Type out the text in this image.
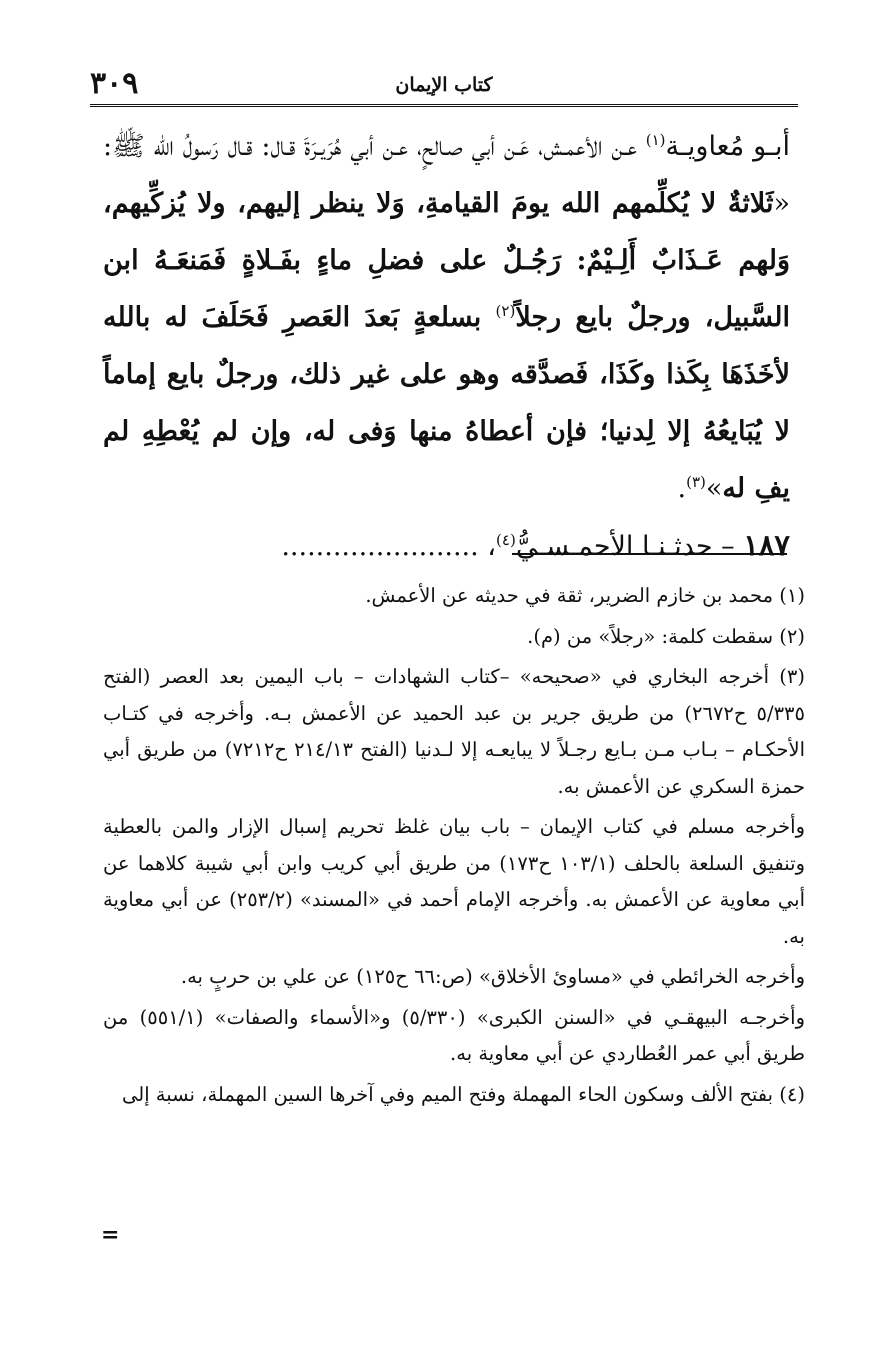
٣٠٩	كتاب الإيمان

أبـو مُعاويـة$^{(١)}$ عـن الأعمـش، عَـن أبي صـالحٍ، عـن أبي هُرَيـرَةَ قـال: قـال رَسولُ الله ﷺ: «ثَلاثةٌ لا يُكلِّمهم الله يومَ القيامةِ، وَلا ينظر إليهم، ولا يُزكِّيهم، وَلهم عَـذَابٌ أَلِـيْمٌ: رَجُـلٌ على فضلِ ماءٍ بفَـلاةٍ فَمَنعَـهُ ابن السَّبيل، ورجلٌ بايع رجلاً$^{(٢)}$ بسلعةٍ بَعدَ العَصرِ فَحَلَفَ له بالله لأخَذَهَا بِكَذا وكَذَا، فَصدَّقه وهو على غير ذلك، ورجلٌ بايع إماماً لا يُبَايعُهُ إلا لِدنيا؛ فإن أعطاهُ منها وَفى له، وإن لم يُعْطِهِ لم يفِ له»$^{(٣)}$.

١٨٧ – حدثـنـا الأحمـسـيُّ$^{(٤)}$، .......................

(١) محمد بن خازم الضرير، ثقة في حديثه عن الأعمش.

(٢) سقطت كلمة: «رجلاً» من (م).

(٣) أخرجه البخاري في «صحيحه» –كتاب الشهادات – باب اليمين بعد العصر (الفتح ٥/٣٣٥ ح٢٦٧٢) من طريق جرير بن عبد الحميد عن الأعمش بـه. وأخرجه في كتـاب الأحكـام – بـاب مـن بـايع رجـلاً لا يبايعـه إلا لـدنيا (الفتح ٢١٤/١٣ ح٧٢١٢) من طريق أبي حمزة السكري عن الأعمش به.

وأخرجه مسلم في كتاب الإيمان – باب بيان غلظ تحريم إسبال الإزار والمن بالعطية وتنفيق السلعة بالحلف (١٠٣/١ ح١٧٣) من طريق أبي كريب وابن أبي شيبة كلاهما عن أبي معاوية عن الأعمش به. وأخرجه الإمام أحمد في «المسند» (٢٥٣/٢) عن أبي معاوية به.

وأخرجه الخرائطي في «مساوئ الأخلاق» (ص:٦٦ ح١٢٥) عن علي بن حربٍ به.

وأخرجـه البيهقـي في «السنن الكبرى» (٥/٣٣٠) و«الأسماء والصفات» (٥٥١/١) من طريق أبي عمر العُطاردي عن أبي معاوية به.

(٤) بفتح الألف وسكون الحاء المهملة وفتح الميم وفي آخرها السين المهملة، نسبة إلى

=
